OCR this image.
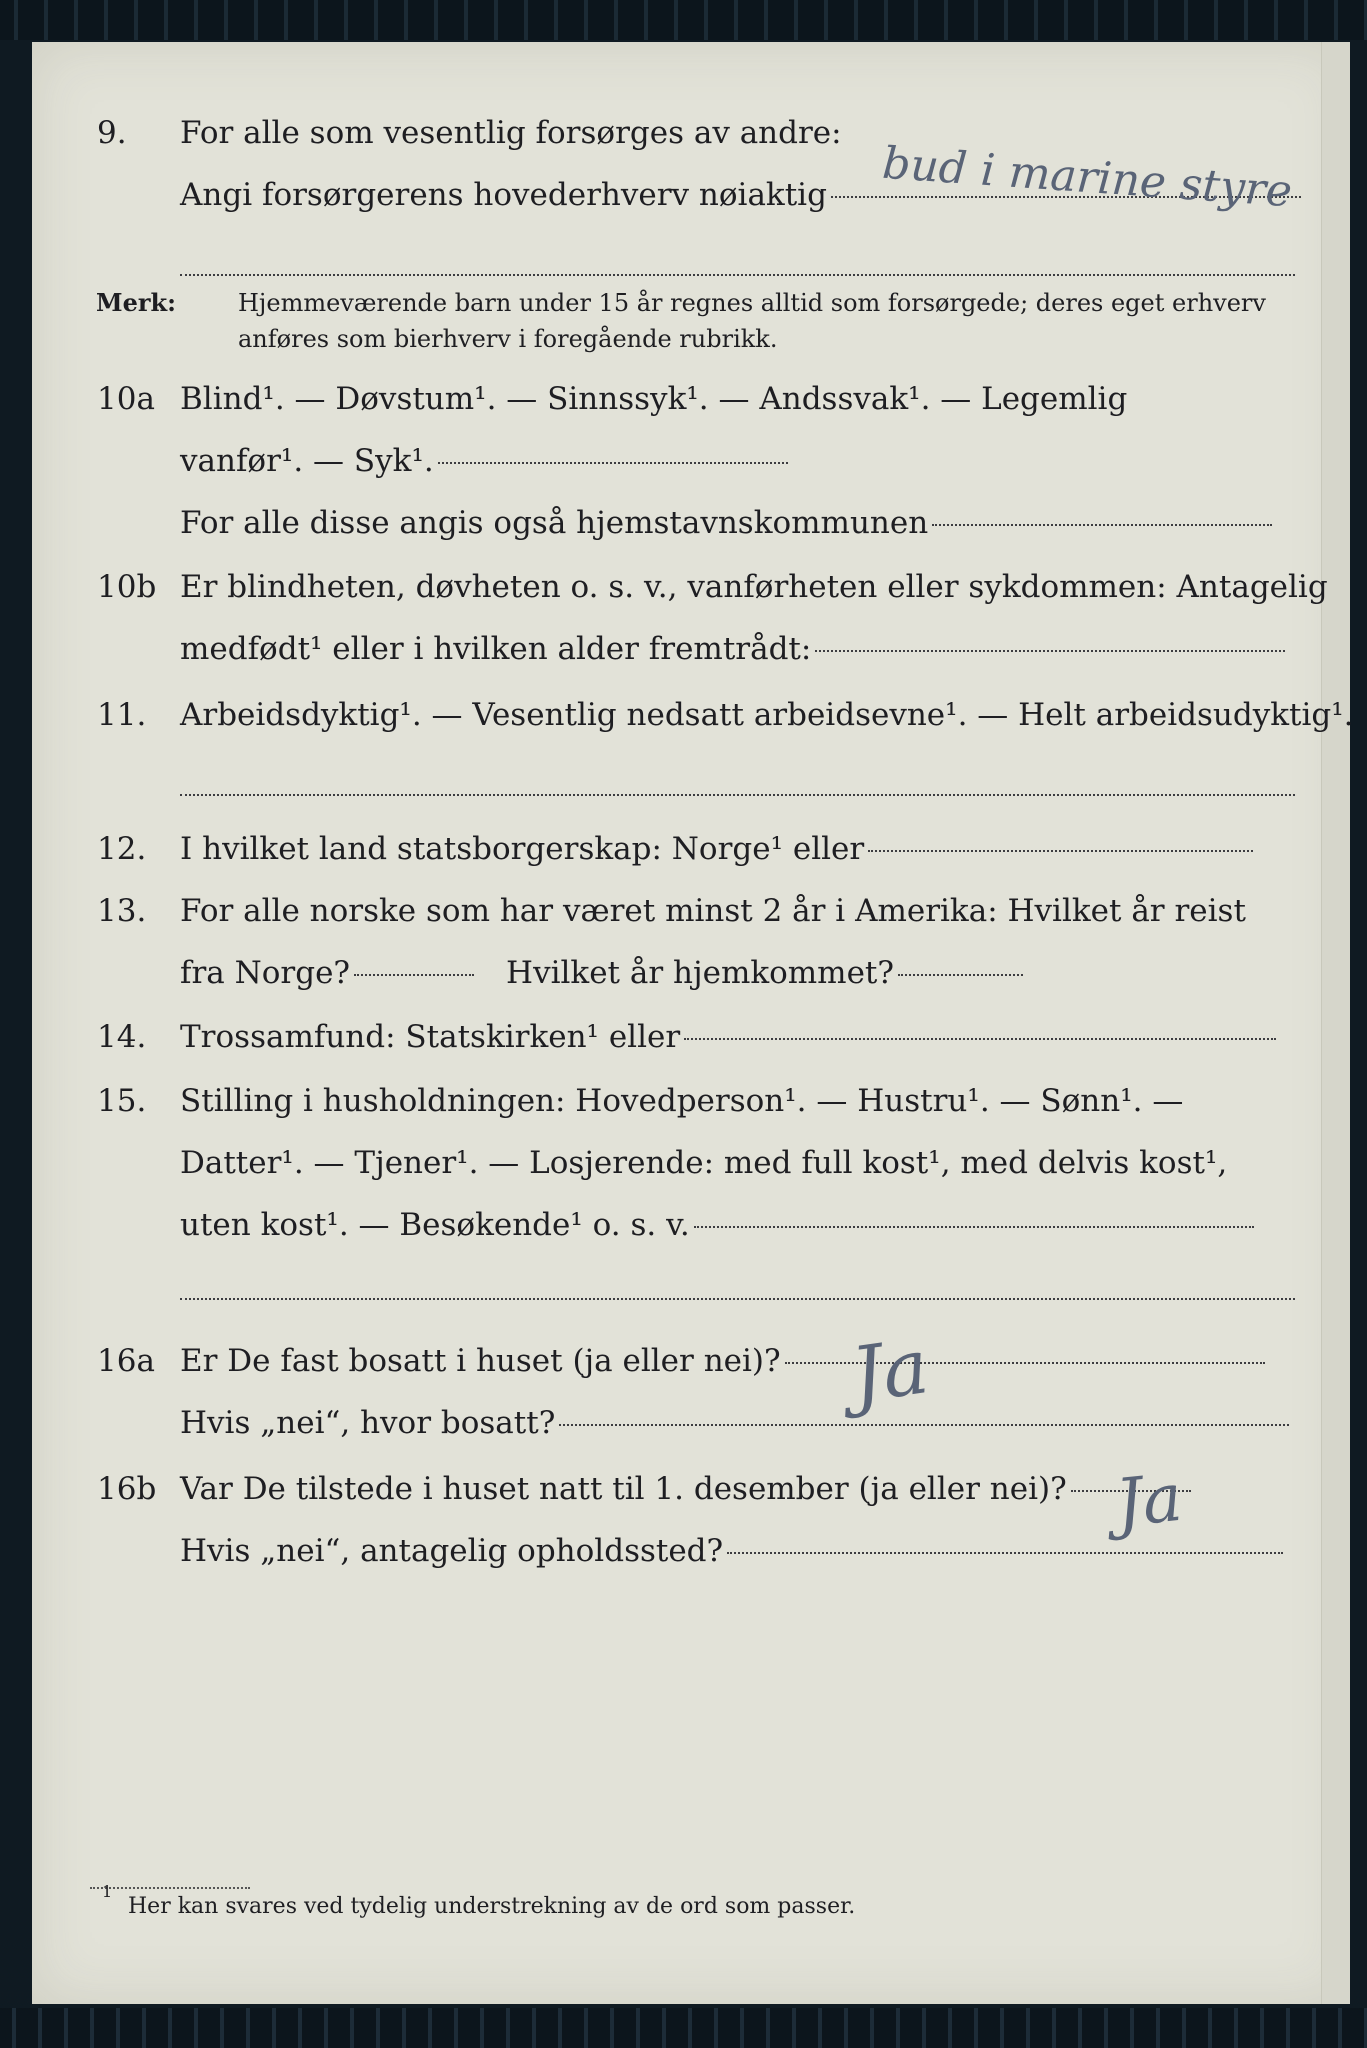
9. For alle som vesentlig forsørges av andre:
Angi forsørgerens hovederhverv nøiaktig bud i marine styre
Merk:	Hjemmeværende barn under 15 år regnes alltid som forsørgede; deres eget erhverv
anføres som bierhverv i foregående rubrikk.
10a Blind¹. — Døvstum¹. — Sinnssyk¹. — Andssvak¹. — Legemlig
vanfør¹. — Syk¹.
For alle disse angis også hjemstavnskommunen
10b Er blindheten, døvheten o. s. v., vanførheten eller sykdommen: Antagelig
medfødt¹ eller i hvilken alder fremtrådt:
11. Arbeidsdyktig¹. — Vesentlig nedsatt arbeidsevne¹. — Helt arbeidsudyktig¹.
12. I hvilket land statsborgerskap: Norge¹ eller
13. For alle norske som har været minst 2 år i Amerika: Hvilket år reist
fra Norge?	Hvilket år hjemkommet?
14. Trossamfund: Statskirken¹ eller
15. Stilling i husholdningen: Hovedperson¹. — Hustru¹. — Sønn¹. —
Datter¹. — Tjener¹. — Losjerende: med full kost¹, med delvis kost¹,
uten kost¹. — Besøkende¹ o. s. v.
16a Er De fast bosatt i huset (ja eller nei)?
Hvis „nei“, hvor bosatt?
Ja
16b Var De tilstede i huset natt til 1. desember (ja eller nei)?
Hvis „nei“, antagelig opholdssted?
Ja
1
Her kan svares ved tydelig understrekning av de ord som passer.
